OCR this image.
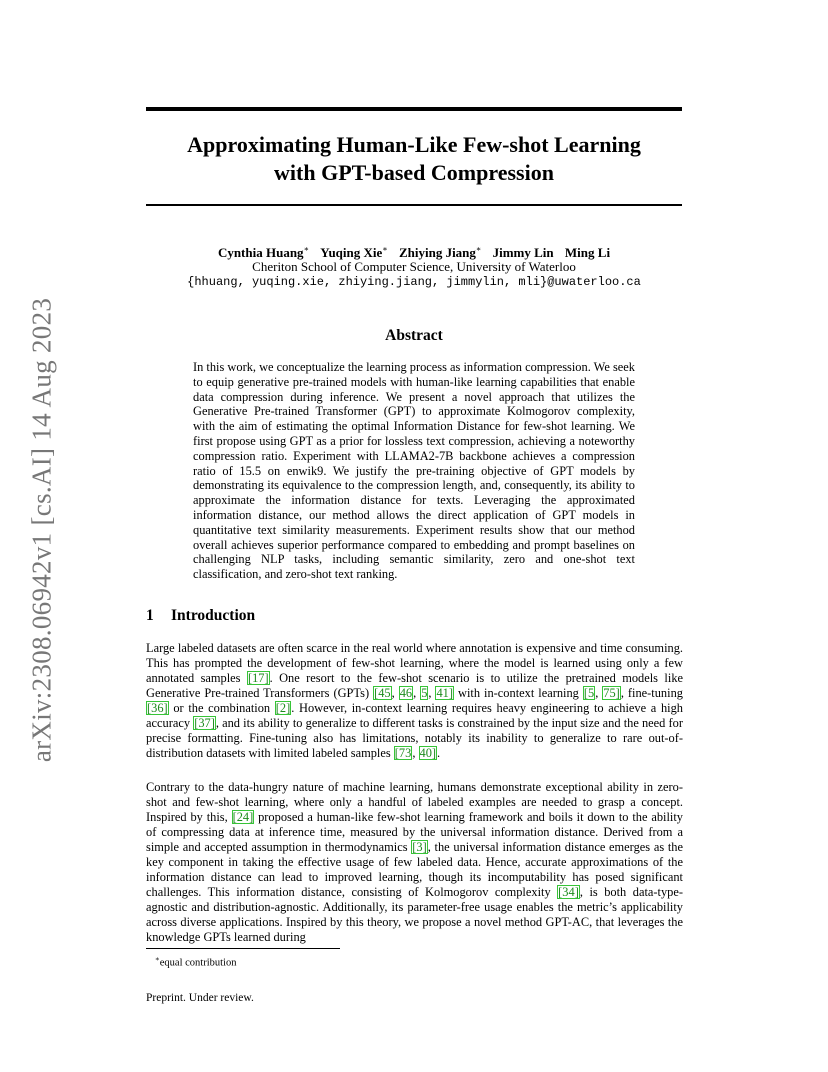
arXiv:2308.06942v1 [cs.AI] 14 Aug 2023
Approximating Human-Like Few-shot Learning
with GPT-based Compression
Cynthia Huang∗ Yuqing Xie∗ Zhiying Jiang∗ Jimmy Lin Ming Li
Cheriton School of Computer Science, University of Waterloo
{hhuang, yuqing.xie, zhiying.jiang, jimmylin, mli}@uwaterloo.ca
Abstract

In this work, we conceptualize the learning process as information compression. We seek to equip generative pre-trained models with human-like learning capabilities that enable data compression during inference. We present a novel approach that utilizes the Generative Pre-trained Transformer (GPT) to approximate Kolmogorov complexity, with the aim of estimating the optimal Information Distance for few-shot learning. We first propose using GPT as a prior for lossless text compression, achieving a noteworthy compression ratio. Experiment with LLAMA2-7B backbone achieves a compression ratio of 15.5 on enwik9. We justify the pre-training objective of GPT models by demonstrating its equivalence to the compression length, and, consequently, its ability to approximate the information distance for texts. Leveraging the approximated information distance, our method allows the direct application of GPT models in quantitative text similarity measurements. Experiment results show that our method overall achieves superior performance compared to embedding and prompt baselines on challenging NLP tasks, including semantic similarity, zero and one-shot text classification, and zero-shot text ranking.

1 Introduction

Large labeled datasets are often scarce in the real world where annotation is expensive and time consuming. This has prompted the development of few-shot learning, where the model is learned using only a few annotated samples [17]. One resort to the few-shot scenario is to utilize the pretrained models like Generative Pre-trained Transformers (GPTs) [45, 46, 5, 41] with in-context learning [5, 75], fine-tuning [36] or the combination [2]. However, in-context learning requires heavy engineering to achieve a high accuracy [37], and its ability to generalize to different tasks is constrained by the input size and the need for precise formatting. Fine-tuning also has limitations, notably its inability to generalize to rare out-of-distribution datasets with limited labeled samples [73, 40].

Contrary to the data-hungry nature of machine learning, humans demonstrate exceptional ability in zero-shot and few-shot learning, where only a handful of labeled examples are needed to grasp a concept. Inspired by this, [24] proposed a human-like few-shot learning framework and boils it down to the ability of compressing data at inference time, measured by the universal information distance. Derived from a simple and accepted assumption in thermodynamics [3], the universal information distance emerges as the key component in taking the effective usage of few labeled data. Hence, accurate approximations of the information distance can lead to improved learning, though its incomputability has posed significant challenges. This information distance, consisting of Kolmogorov complexity [34], is both data-type-agnostic and distribution-agnostic. Additionally, its parameter-free usage enables the metric’s applicability across diverse applications. Inspired by this theory, we propose a novel method GPT-AC, that leverages the knowledge GPTs learned during

∗equal contribution
Preprint. Under review.
